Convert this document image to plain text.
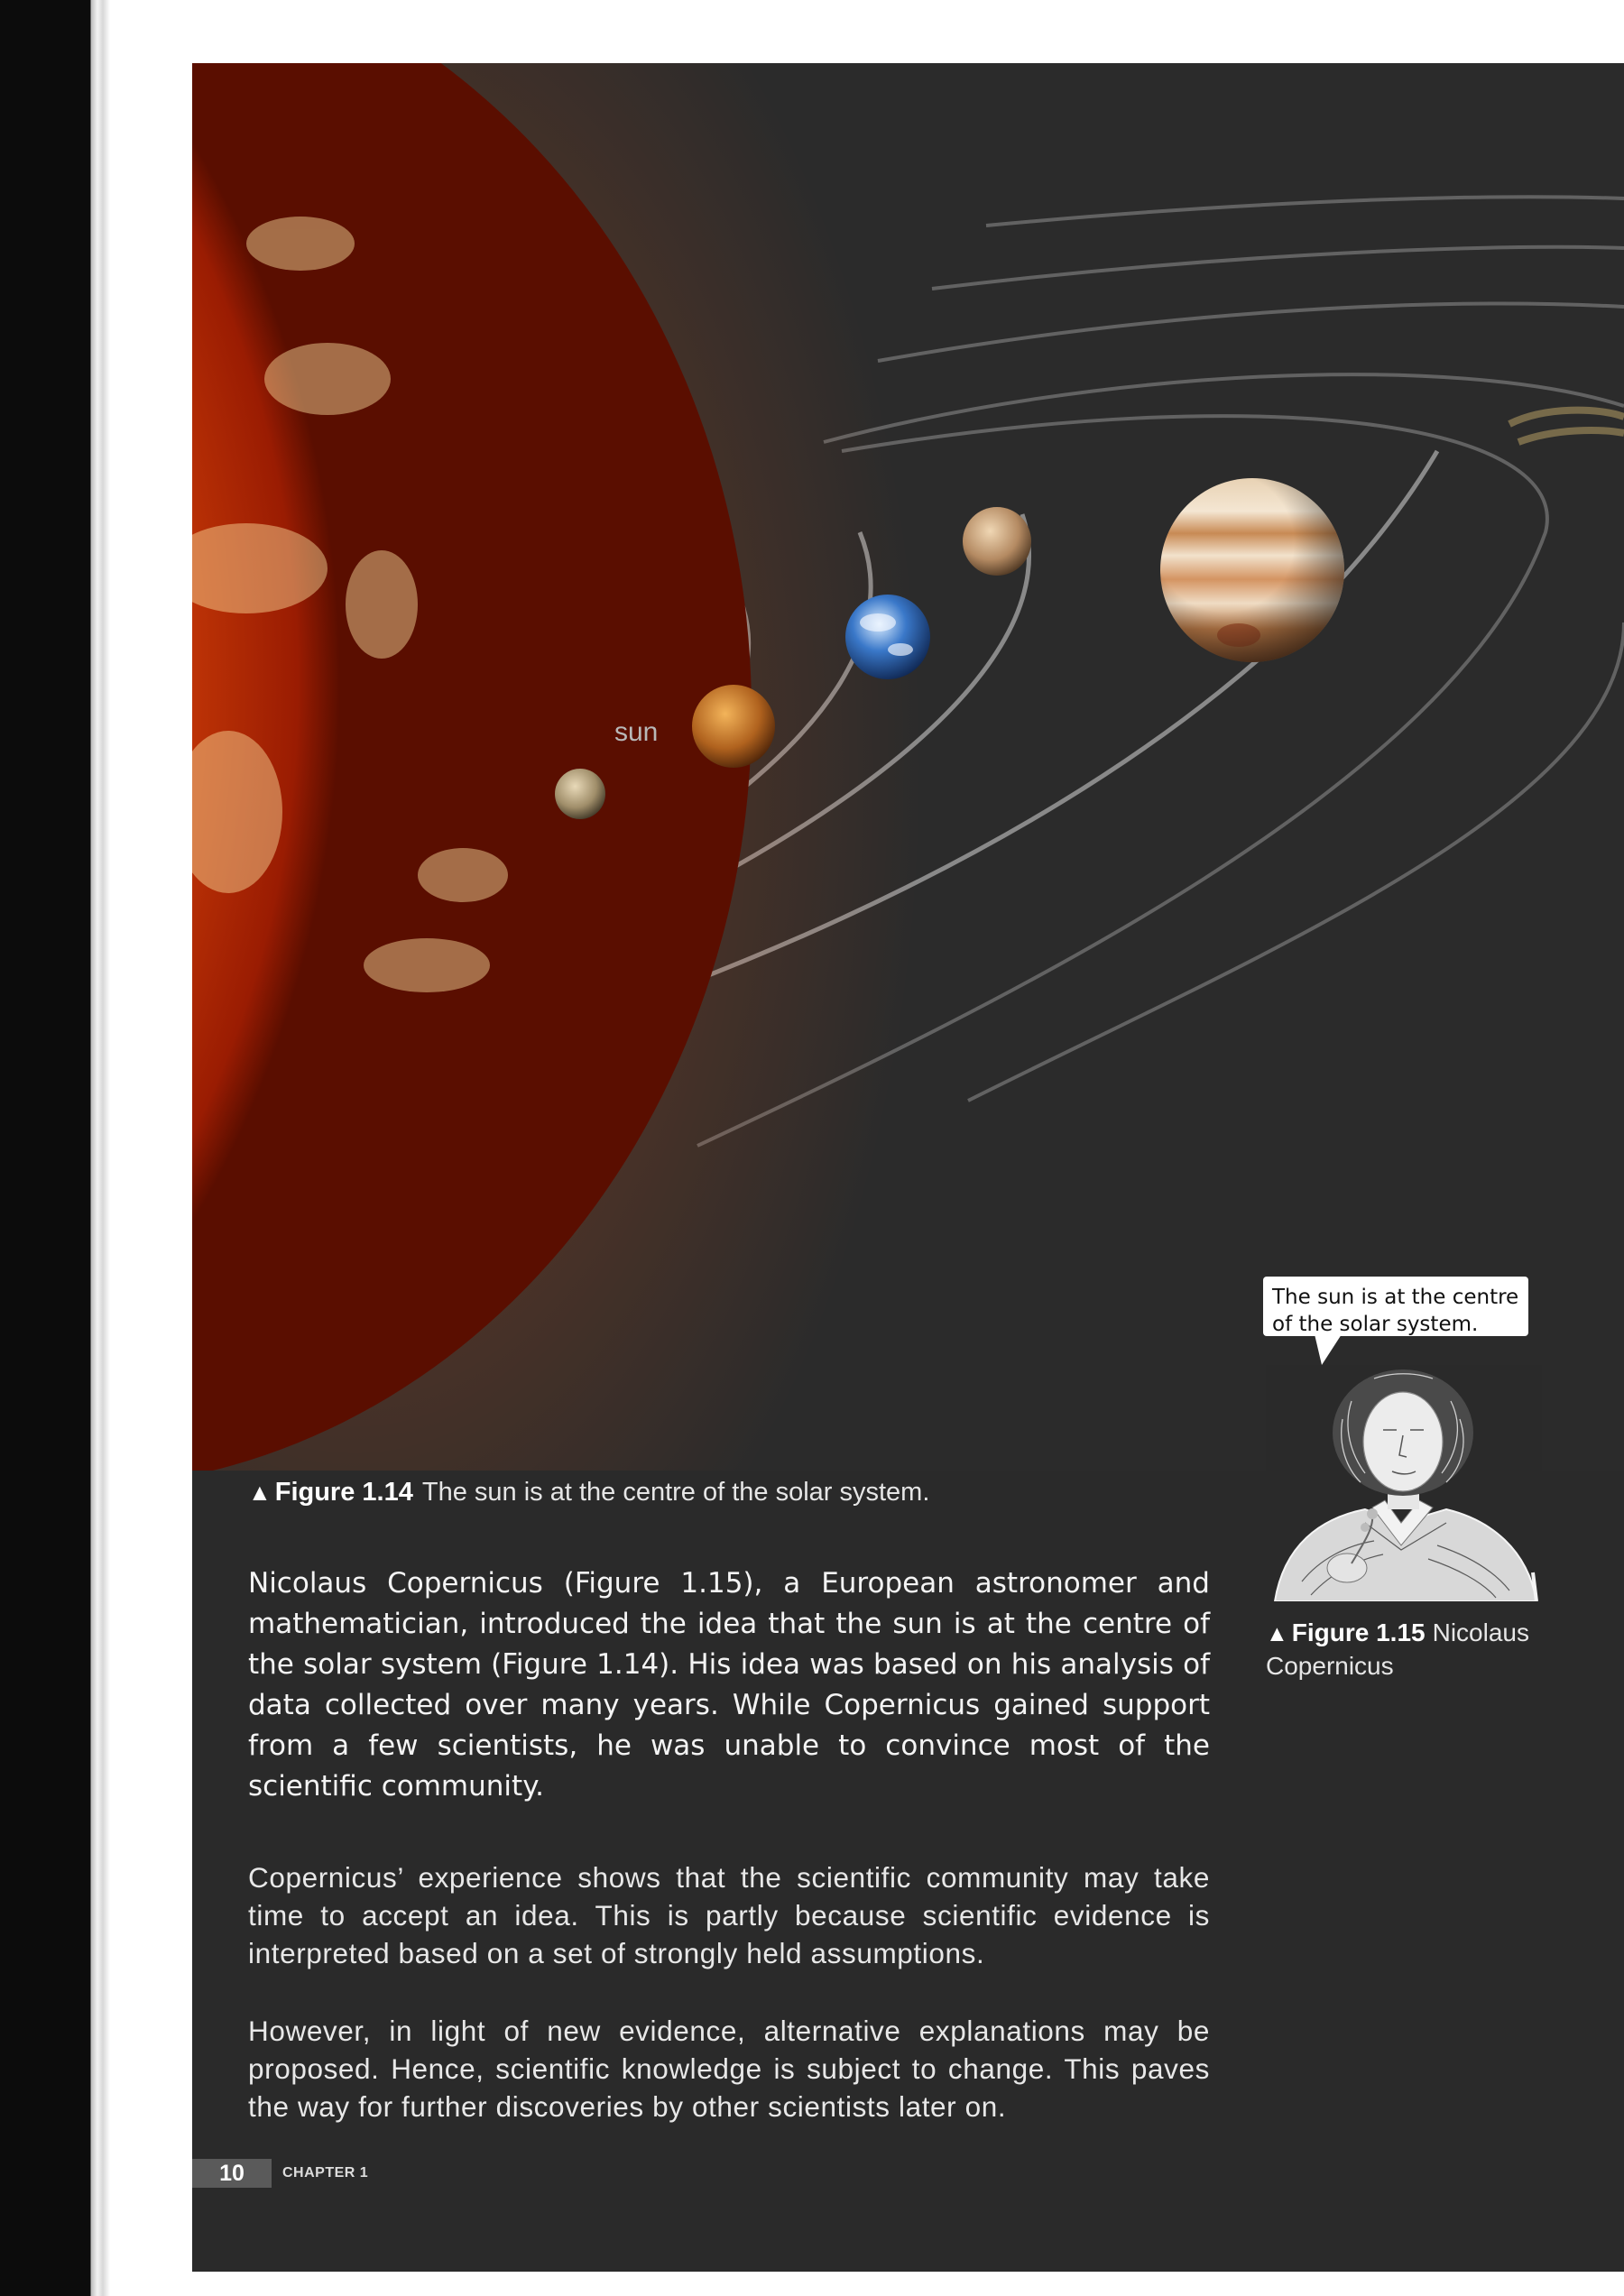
sun
▲ Figure 1.14 The sun is at the centre of the solar system.
The sun is at the centre of the solar system.
▲ Figure 1.15 Nicolaus Copernicus
Nicolaus Copernicus (Figure 1.15), a European astronomer and mathematician, introduced the idea that the sun is at the centre of the solar system (Figure 1.14). His idea was based on his analysis of data collected over many years. While Copernicus gained support from a few scientists, he was unable to convince most of the scientific community.
Copernicus’ experience shows that the scientific community may take time to accept an idea. This is partly because scientific evidence is interpreted based on a set of strongly held assumptions.
However, in light of new evidence, alternative explanations may be proposed. Hence, scientific knowledge is subject to change. This paves the way for further discoveries by other scientists later on.
10	CHAPTER 1
